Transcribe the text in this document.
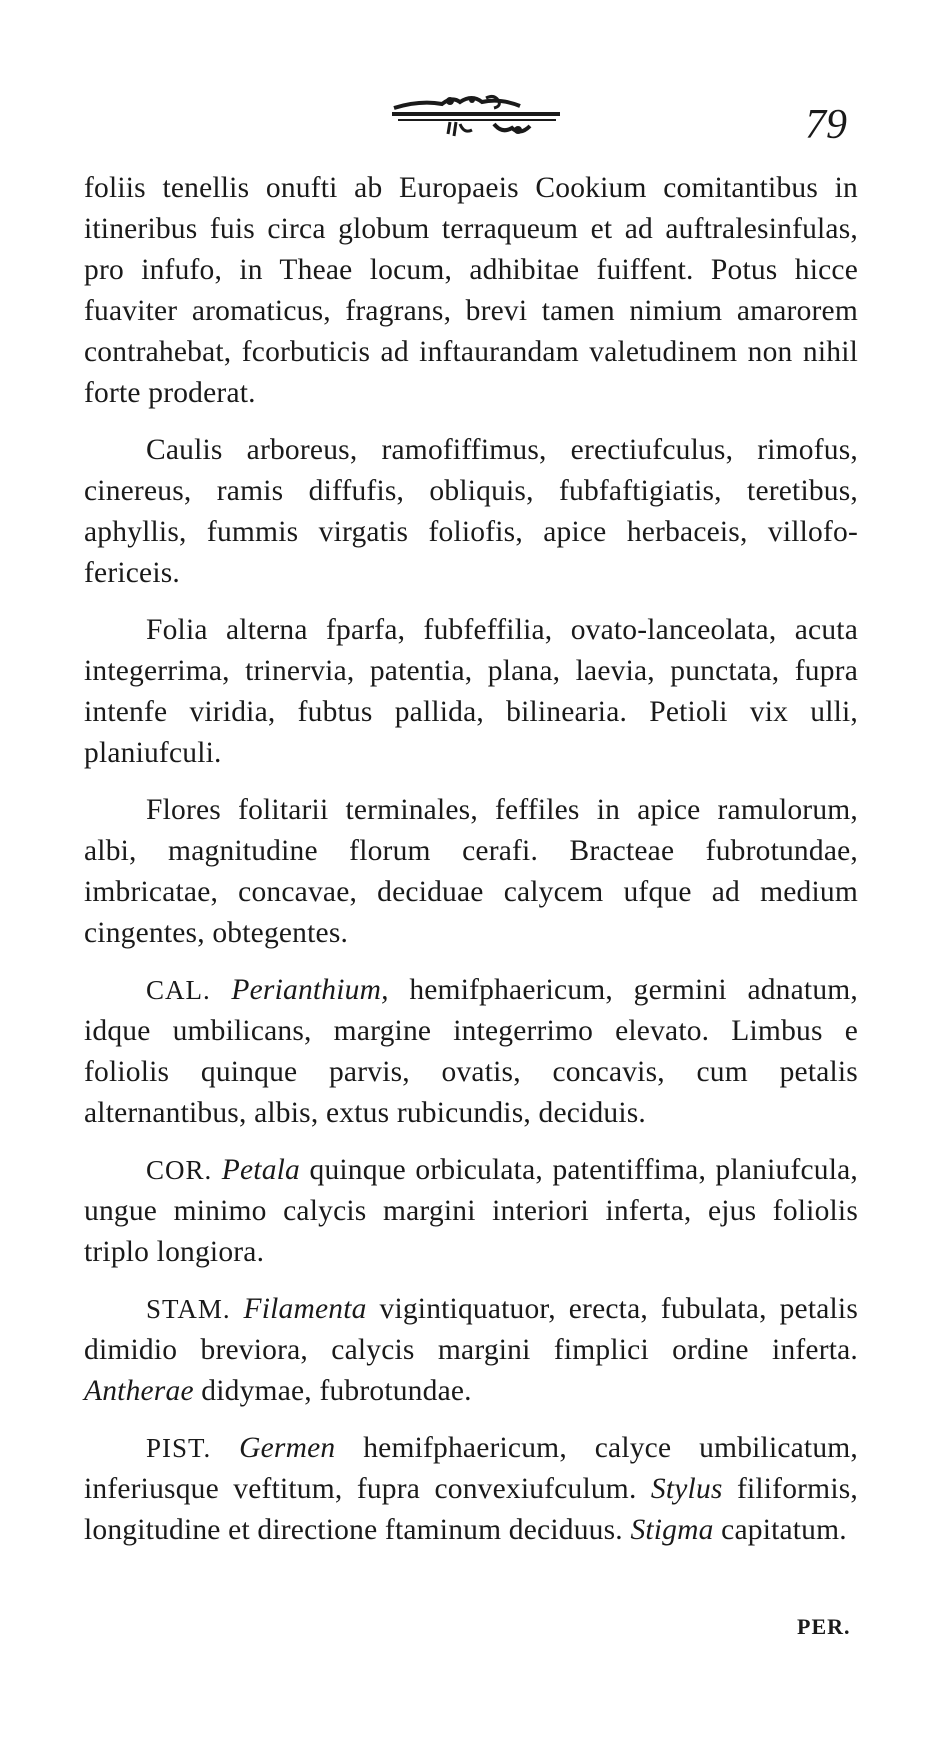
79

foliis tenellis onufti ab Europaeis Cookium comitantibus in itineribus fuis circa globum terraqueum et ad auftralesinfulas, pro infufo, in Theae locum, adhibitae fuiffent. Potus hicce fuaviter aromaticus, fragrans, brevi tamen nimium amarorem contrahebat, fcorbuticis ad inftaurandam valetudinem non nihil forte proderat.

Caulis arboreus, ramofiffimus, erectiufculus, rimofus, cinereus, ramis diffufis, obliquis, fubfaftigiatis, teretibus, aphyllis, fummis virgatis foliofis, apice herbaceis, villofo-fericeis.

Folia alterna fparfa, fubfeffilia, ovato-lanceolata, acuta integerrima, trinervia, patentia, plana, laevia, punctata, fupra intenfe viridia, fubtus pallida, bilinearia. Petioli vix ulli, planiufculi.

Flores folitarii terminales, feffiles in apice ramulorum, albi, magnitudine florum cerafi. Bracteae fubrotundae, imbricatae, concavae, deciduae calycem ufque ad medium cingentes, obtegentes.

CAL. Perianthium, hemifphaericum, germini adnatum, idque umbilicans, margine integerrimo elevato. Limbus e foliolis quinque parvis, ovatis, concavis, cum petalis alternantibus, albis, extus rubicundis, deciduis.

COR. Petala quinque orbiculata, patentiffima, planiufcula, ungue minimo calycis margini interiori inferta, ejus foliolis triplo longiora.

STAM. Filamenta vigintiquatuor, erecta, fubulata, petalis dimidio breviora, calycis margini fimplici ordine inferta. Antherae didymae, fubrotundae.

PIST. Germen hemifphaericum, calyce umbilicatum, inferiusque veftitum, fupra convexiufculum. Stylus filiformis, longitudine et directione ftaminum deciduus. Stigma capitatum.

PER.
